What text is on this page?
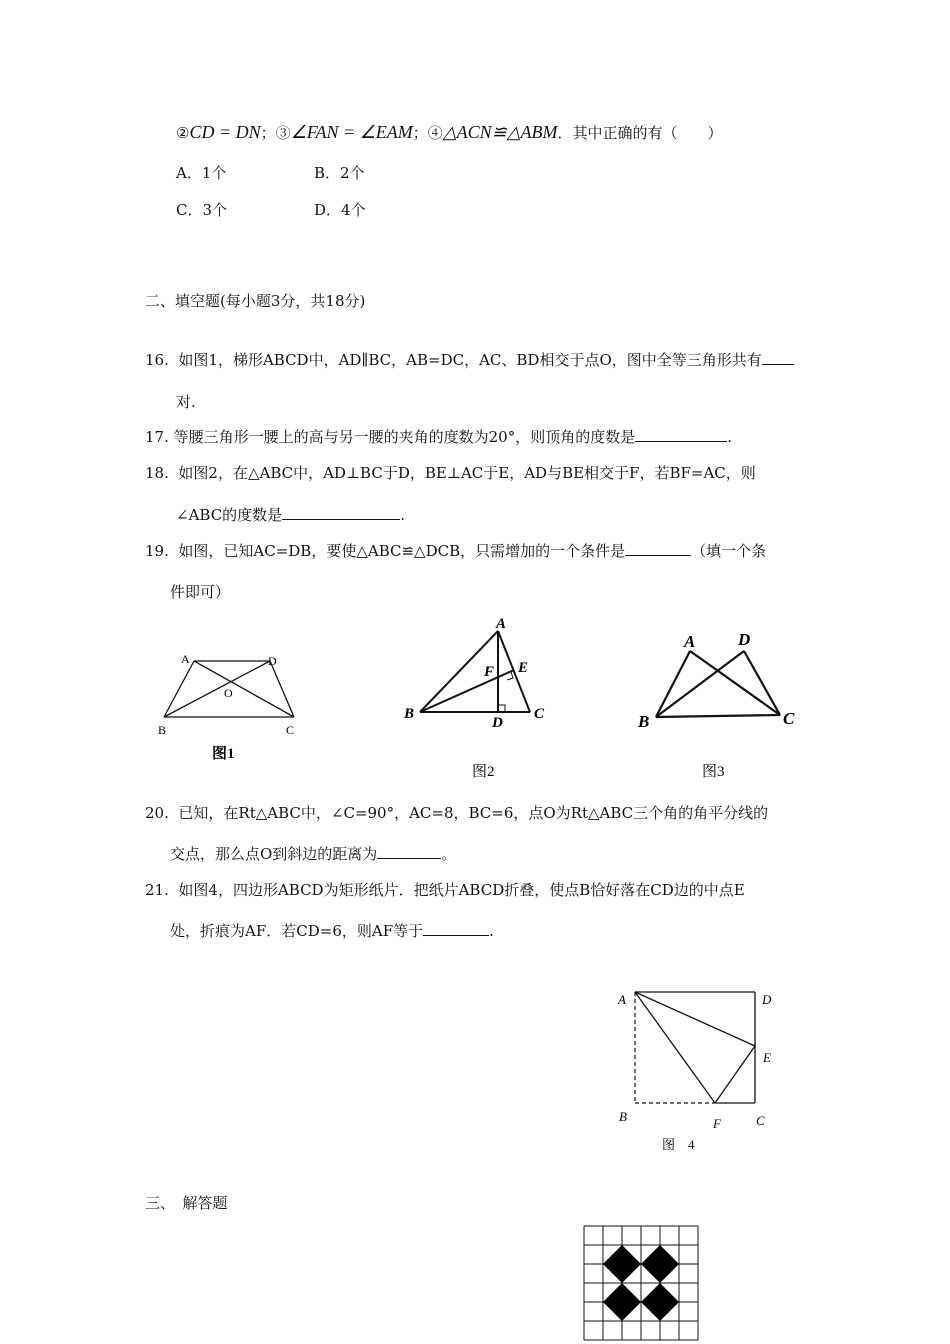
②CD = DN；③∠FAN = ∠EAM；④△ACN≌△ABM．其中正确的有（　　）
A．1个	B．2个
C．3个	D．4个
二、填空题(每小题3分，共18分)
16. 如图1，梯形ABCD中，AD∥BC，AB=DC，AC、BD相交于点O，图中全等三角形共有
对.
17. 等腰三角形一腰上的高与另一腰的夹角的度数为20°，则顶角的度数是	.
18. 如图2，在△ABC中，AD⊥BC于D，BE⊥AC于E，AD与BE相交于F，若BF=AC，则
∠ABC的度数是	.
19. 如图，已知AC=DB，要使△ABC≌△DCB，只需增加的一个条件是	（填一个条
件即可）
A	D
O
B	C
图1
A
F E
B
D
C
图2
A	D
B	C
图3
20. 已知，在Rt△ABC中，∠C=90°，AC=8，BC=6，点O为Rt△ABC三个角的角平分线的
交点，那么点O到斜边的距离为	。
21. 如图4，四边形ABCD为矩形纸片．把纸片ABCD折叠，使点B恰好落在CD边的中点E
处，折痕为AF．若CD=6，则AF等于	.
A	D
E
B	F	C
图　4
三、　解答题
